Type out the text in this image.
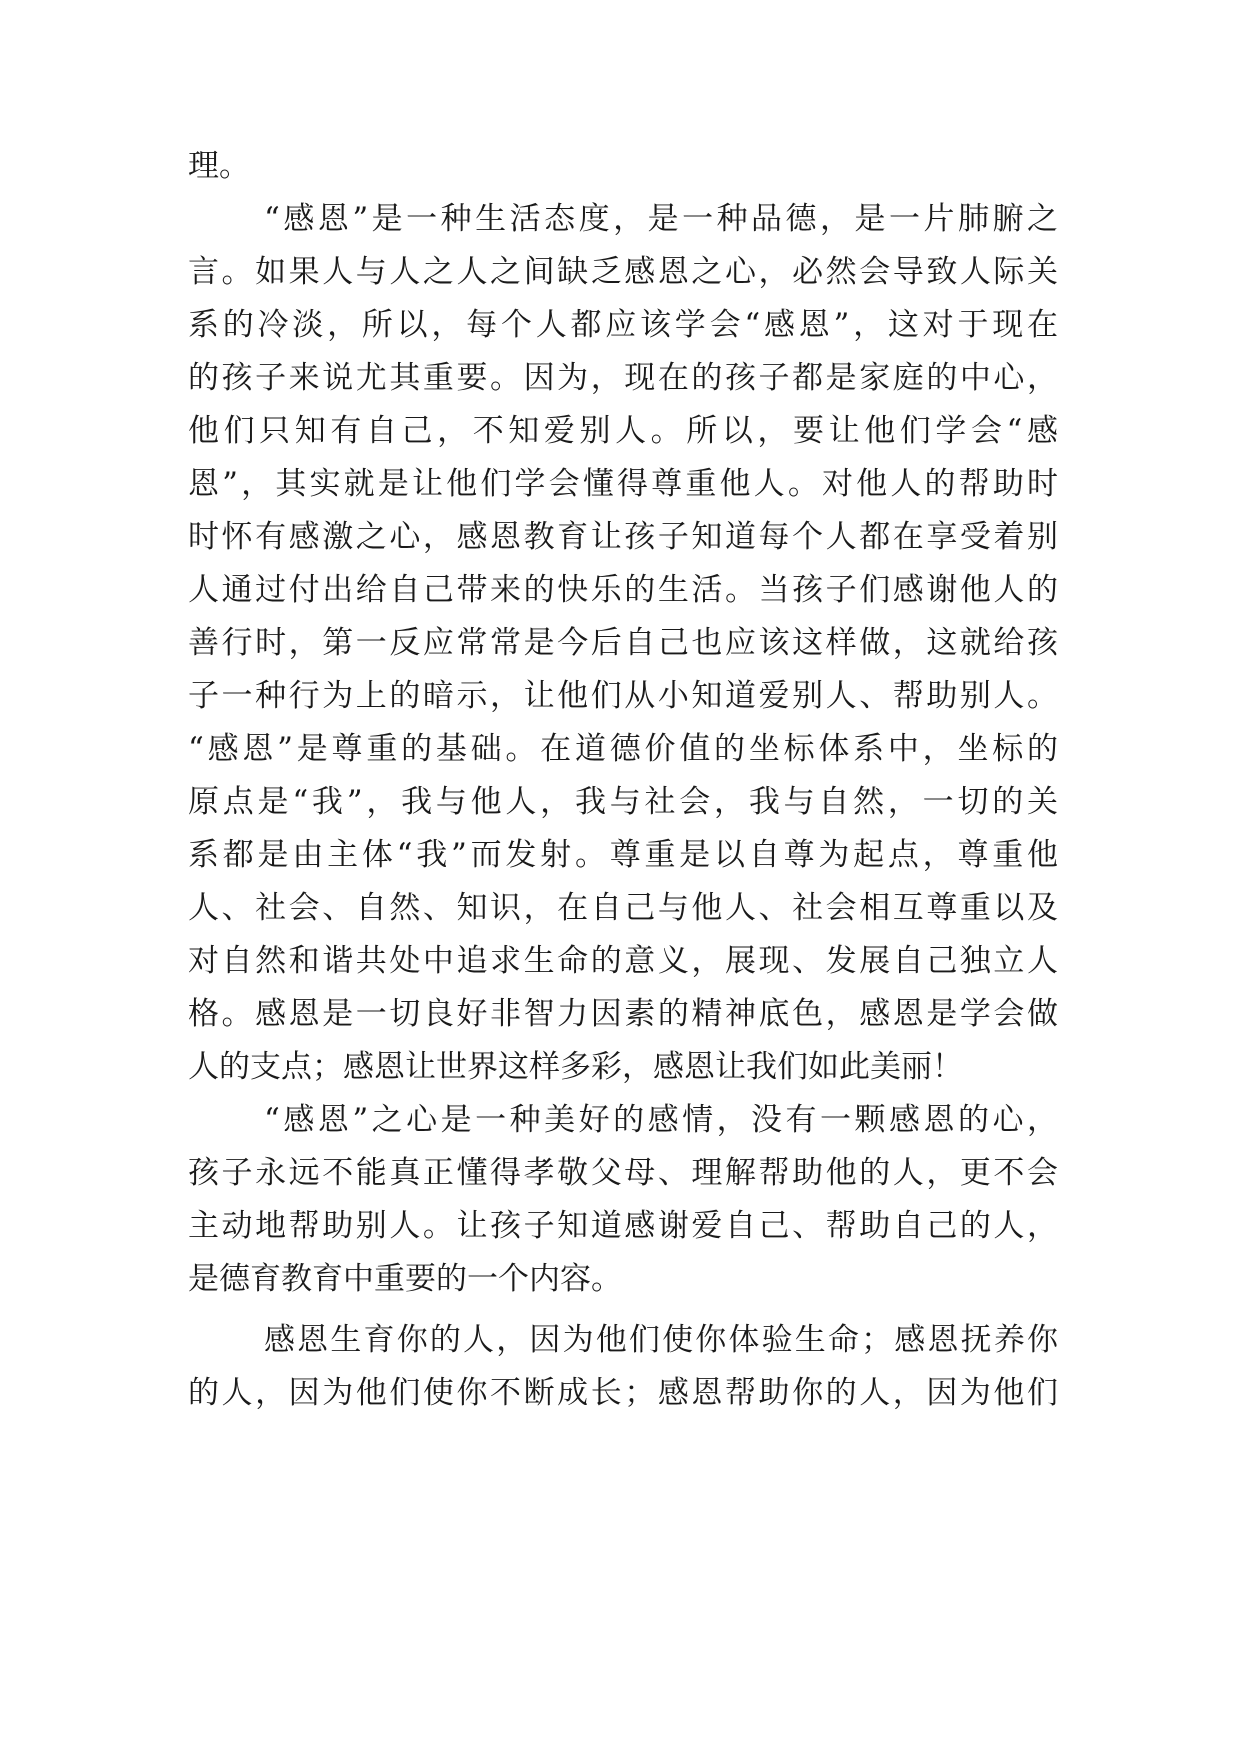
理。
“感恩”是一种生活态度，是一种品德，是一片肺腑之
言。如果人与人之人之间缺乏感恩之心，必然会导致人际关
系的冷淡，所以，每个人都应该学会“感恩”，这对于现在
的孩子来说尤其重要。因为，现在的孩子都是家庭的中心，
他们只知有自己，不知爱别人。所以，要让他们学会“感
恩”，其实就是让他们学会懂得尊重他人。对他人的帮助时
时怀有感激之心，感恩教育让孩子知道每个人都在享受着别
人通过付出给自己带来的快乐的生活。当孩子们感谢他人的
善行时，第一反应常常是今后自己也应该这样做，这就给孩
子一种行为上的暗示，让他们从小知道爱别人、帮助别人。
“感恩”是尊重的基础。在道德价值的坐标体系中，坐标的
原点是“我”，我与他人，我与社会，我与自然，一切的关
系都是由主体“我”而发射。尊重是以自尊为起点，尊重他
人、社会、自然、知识，在自己与他人、社会相互尊重以及
对自然和谐共处中追求生命的意义，展现、发展自己独立人
格。感恩是一切良好非智力因素的精神底色，感恩是学会做
人的支点；感恩让世界这样多彩，感恩让我们如此美丽！
“感恩”之心是一种美好的感情，没有一颗感恩的心，
孩子永远不能真正懂得孝敬父母、理解帮助他的人，更不会
主动地帮助别人。让孩子知道感谢爱自己、帮助自己的人，
是德育教育中重要的一个内容。
感恩生育你的人，因为他们使你体验生命；感恩抚养你
的人，因为他们使你不断成长；感恩帮助你的人，因为他们
